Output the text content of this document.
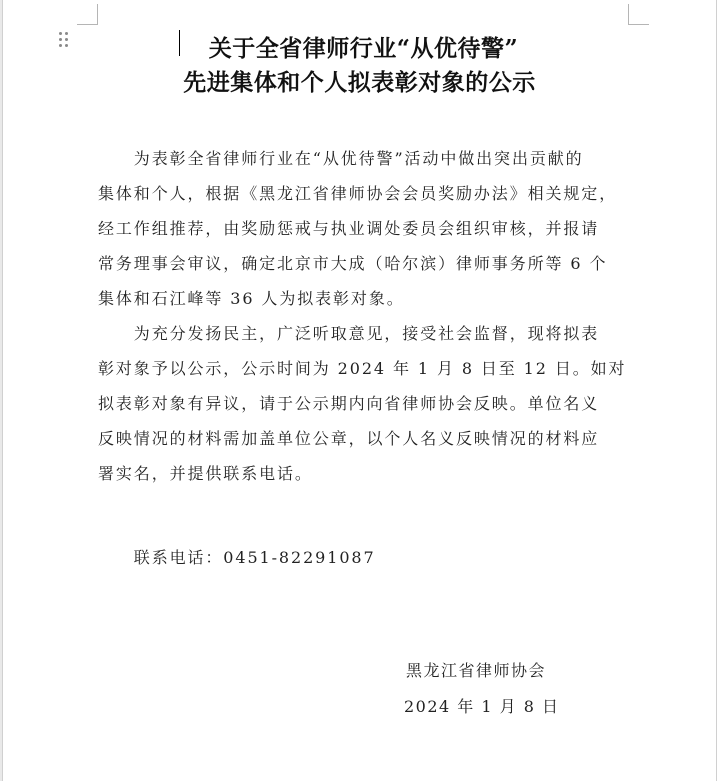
关于全省律师行业“从优待警”
先进集体和个人拟表彰对象的公示
　　为表彰全省律师行业在“从优待警”活动中做出突出贡献的
集体和个人，根据《黑龙江省律师协会会员奖励办法》相关规定，
经工作组推荐，由奖励惩戒与执业调处委员会组织审核，并报请
常务理事会审议，确定北京市大成（哈尔滨）律师事务所等 6 个
集体和石江峰等 36 人为拟表彰对象。
　　为充分发扬民主，广泛听取意见，接受社会监督，现将拟表
彰对象予以公示，公示时间为 2024 年 1 月 8 日至 12 日。如对
拟表彰对象有异议，请于公示期内向省律师协会反映。单位名义
反映情况的材料需加盖单位公章，以个人名义反映情况的材料应
署实名，并提供联系电话。
　　联系电话：0451-82291087
黑龙江省律师协会
2024 年 1 月 8 日
